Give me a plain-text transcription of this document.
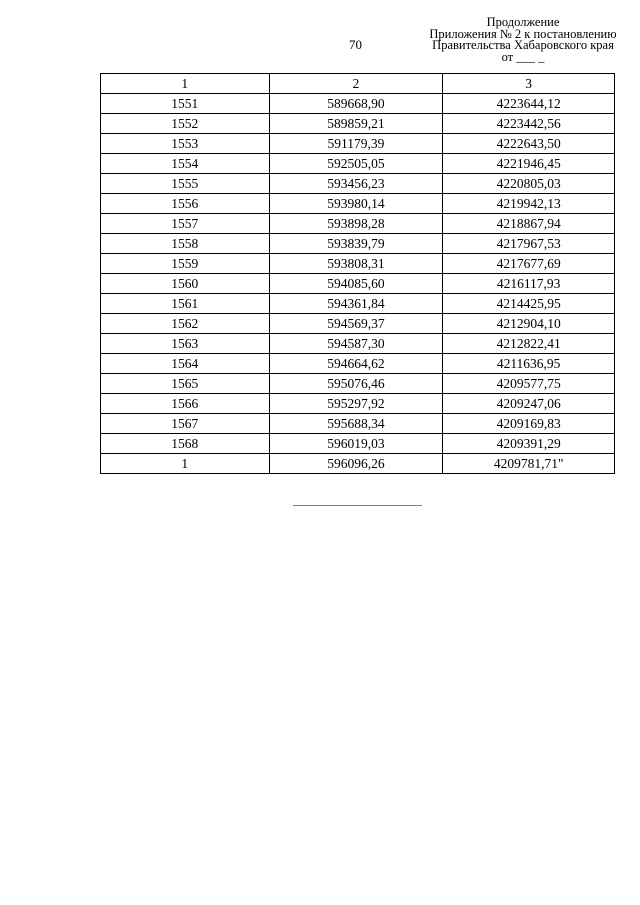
70
Продолжение
Приложения № 2 к постановлению
Правительства Хабаровского края
от ___ _
1	2	3
1551	589668,90	4223644,12
1552	589859,21	4223442,56
1553	591179,39	4222643,50
1554	592505,05	4221946,45
1555	593456,23	4220805,03
1556	593980,14	4219942,13
1557	593898,28	4218867,94
1558	593839,79	4217967,53
1559	593808,31	4217677,69
1560	594085,60	4216117,93
1561	594361,84	4214425,95
1562	594569,37	4212904,10
1563	594587,30	4212822,41
1564	594664,62	4211636,95
1565	595076,46	4209577,75
1566	595297,92	4209247,06
1567	595688,34	4209169,83
1568	596019,03	4209391,29
1	596096,26	4209781,71"
